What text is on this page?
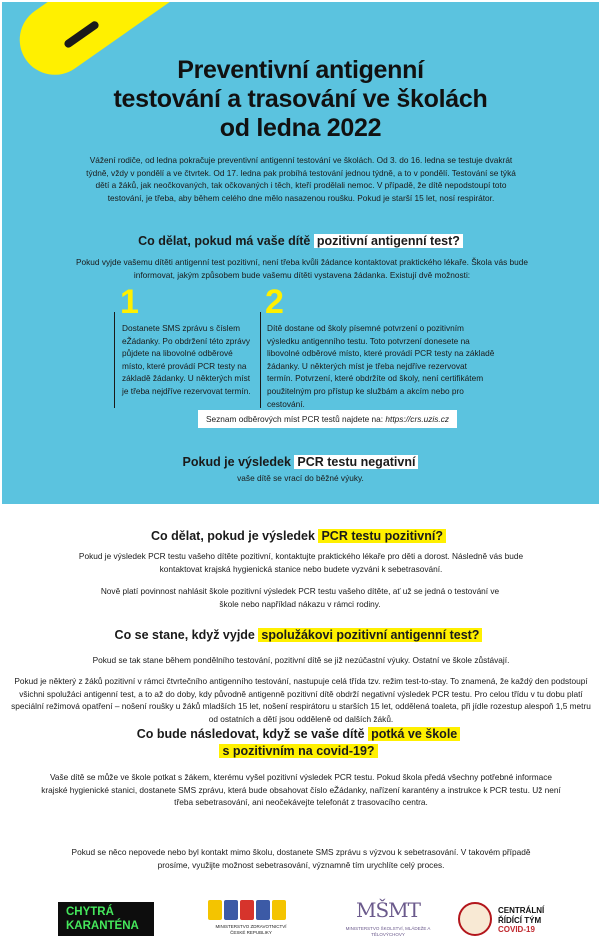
Preventivní antigenní
testování a trasování ve školách
od ledna 2022

Vážení rodiče, od ledna pokračuje preventivní antigenní testování ve školách. Od 3. do 16. ledna se testuje dvakrát týdně, vždy v pondělí a ve čtvrtek. Od 17. ledna pak probíhá testování jednou týdně, a to v pondělí. Testování se týká dětí a žáků, jak neočkovaných, tak očkovaných i těch, kteří prodělali nemoc. V případě, že dítě nepodstoupí toto testování, je třeba, aby během celého dne mělo nasazenou roušku. Pokud je starší 15 let, nosí respirátor.

Co dělat, pokud má vaše dítě pozitivní antigenní test?

Pokud vyjde vašemu dítěti antigenní test pozitivní, není třeba kvůli žádance kontaktovat praktického lékaře. Škola vás bude informovat, jakým způsobem bude vašemu dítěti vystavena žádanka. Existují dvě možnosti:

1

Dostanete SMS zprávu s číslem eŽádanky. Po obdržení této zprávy půjdete na libovolné odběrové místo, které provádí PCR testy na základě žádanky. U některých míst je třeba nejdříve rezervovat termín.

2

Dítě dostane od školy písemné potvrzení o pozitivním výsledku antigenního testu. Toto potvrzení donesete na libovolné odběrové místo, které provádí PCR testy na základě žádanky. U některých míst je třeba nejdříve rezervovat termín. Potvrzení, které obdržíte od školy, není certifikátem použitelným pro přístup ke službám a akcím nebo pro cestování.

Seznam odběrových míst PCR testů najdete na: https://crs.uzis.cz
Pokud je výsledek PCR testu negativní

vaše dítě se vrací do běžné výuky.

Co dělat, pokud je výsledek PCR testu pozitivní?

Pokud je výsledek PCR testu vašeho dítěte pozitivní, kontaktujte praktického lékaře pro děti a dorost. Následně vás bude kontaktovat krajská hygienická stanice nebo budete vyzváni k sebetrasování.

Nově platí povinnost nahlásit škole pozitivní výsledek PCR testu vašeho dítěte, ať už se jedná o testování ve škole nebo například nákazu v rámci rodiny.

Co se stane, když vyjde spolužákovi pozitivní antigenní test?

Pokud se tak stane během pondělního testování, pozitivní dítě se již nezúčastní výuky. Ostatní ve škole zůstávají.

Pokud je některý z žáků pozitivní v rámci čtvrtečního antigenního testování, nastupuje celá třída tzv. režim test-to-stay. To znamená, že každý den podstoupí všichni spolužáci antigenní test, a to až do doby, kdy původně antigenně pozitivní dítě obdrží negativní výsledek PCR testu. Pro celou třídu v tu dobu platí speciální režimová opatření – nošení roušky u žáků mladších 15 let, nošení respirátoru u starších 15 let, oddělená toaleta, při jídle rozestup alespoň 1,5 metru od ostatních a dětí jsou odděleně od dalších žáků.

Co bude následovat, když se vaše dítě potká ve škole
s pozitivním na covid-19?

Vaše dítě se může ve škole potkat s žákem, kterému vyšel pozitivní výsledek PCR testu. Pokud škola předá všechny potřebné informace krajské hygienické stanici, dostanete SMS zprávu, která bude obsahovat číslo eŽádanky, nařízení karantény a instrukce k PCR testu. Už není třeba sebetrasování, ani neočekávejte telefonát z trasovacího centra.

Pokud se něco nepovede nebo byl kontakt mimo školu, dostanete SMS zprávu s výzvou k sebetrasování. V takovém případě prosíme, využijte možnost sebetrasování, významně tím urychlíte celý proces.

CHYTRÁ
KARANTÉNA	MINISTERSTVO ZDRAVOTNICTVÍ ČESKÉ REPUBLIKY
MŠMT
MINISTERSTVO ŠKOLSTVÍ, MLÁDEŽE A TĚLOVÝCHOVY
CENTRÁLNÍ
ŘÍDÍCÍ TÝM
COVID-19
